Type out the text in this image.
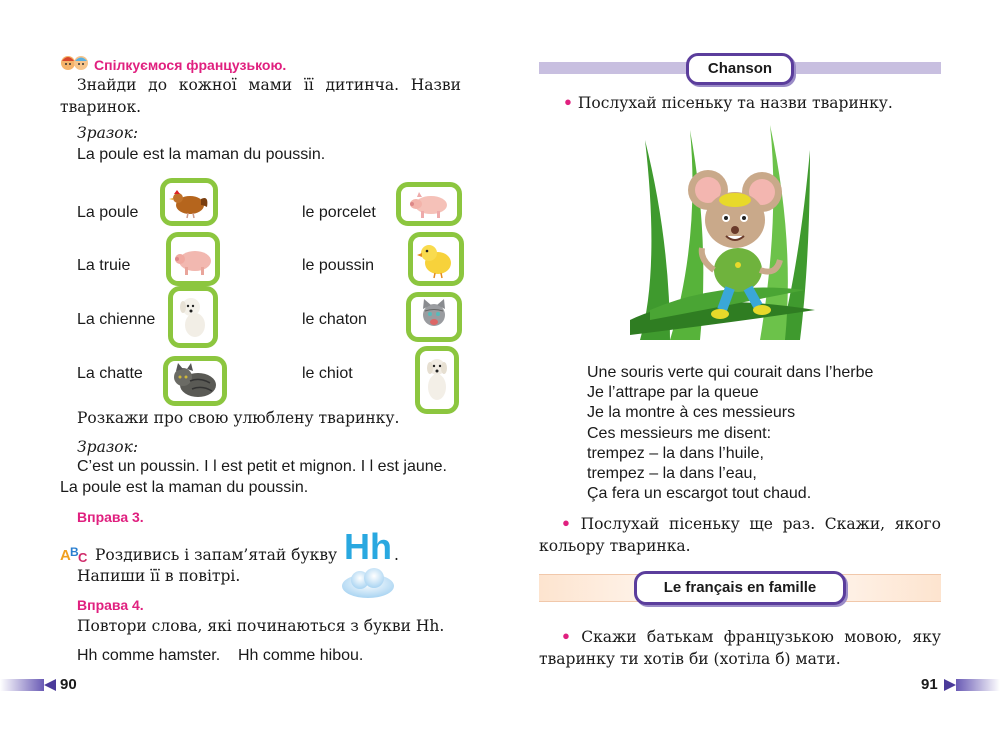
Спілкуємося французькою.
Знайди до кожної мами її дитинча. Назви тваринок.
Зразок:
La poule est la maman du poussin.
La poule
La truie
La chienne
La chatte
le porcelet
le poussin
le chaton
le chiot
Розкажи про свою улюблену тваринку.
Зразок:
C’est un poussin. I l est petit et mignon. I l est jaune.
La poule est la maman du poussin.
Вправа 3.
A B C Роздивись і запам’ятай букву Hh .
Напиши її в повітрі.
Вправа 4.
Повтори слова, які починаються з букви Hh.
Hh comme hamster.    Hh comme hibou.
90
Chanson
• Послухай пісеньку та назви тваринку.
Une souris verte qui courait dans l’herbe
Je l’attrape par la queue
Je la montre à ces messieurs
Ces messieurs me disent:
trempez – la dans l’huile,
trempez – la dans l’eau,
Ça fera un escargot tout chaud.
• Послухай пісеньку ще раз. Скажи, якого кольору тваринка.
Le français en famille
• Скажи батькам французькою мовою, яку тваринку ти хотів би (хотіла б) мати.
91
